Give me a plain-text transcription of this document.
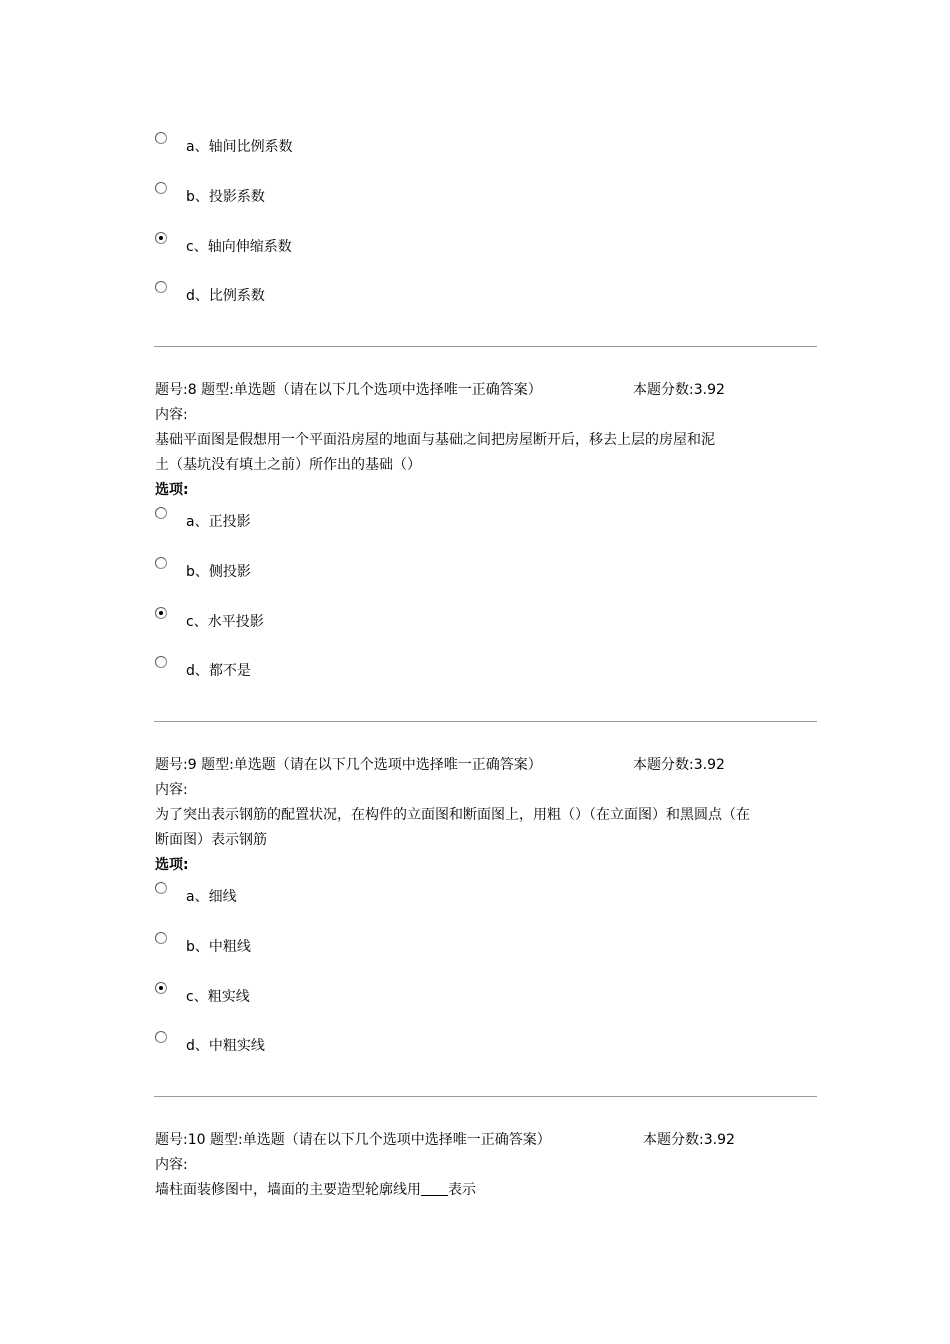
a、轴间比例系数
b、投影系数
c、轴向伸缩系数
d、比例系数
题号:8 题型:单选题（请在以下几个选项中选择唯一正确答案）	本题分数:3.92
内容:
基础平面图是假想用一个平面沿房屋的地面与基础之间把房屋断开后，移去上层的房屋和泥
土（基坑没有填土之前）所作出的基础（）
选项:
a、正投影
b、侧投影
c、水平投影
d、都不是
题号:9 题型:单选题（请在以下几个选项中选择唯一正确答案）	本题分数:3.92
内容:
为了突出表示钢筋的配置状况，在构件的立面图和断面图上，用粗（）（在立面图）和黑圆点（在
断面图）表示钢筋
选项:
a、细线
b、中粗线
c、粗实线
d、中粗实线
题号:10 题型:单选题（请在以下几个选项中选择唯一正确答案）	本题分数:3.92
内容:
墙柱面装修图中，墙面的主要造型轮廓线用 表示
